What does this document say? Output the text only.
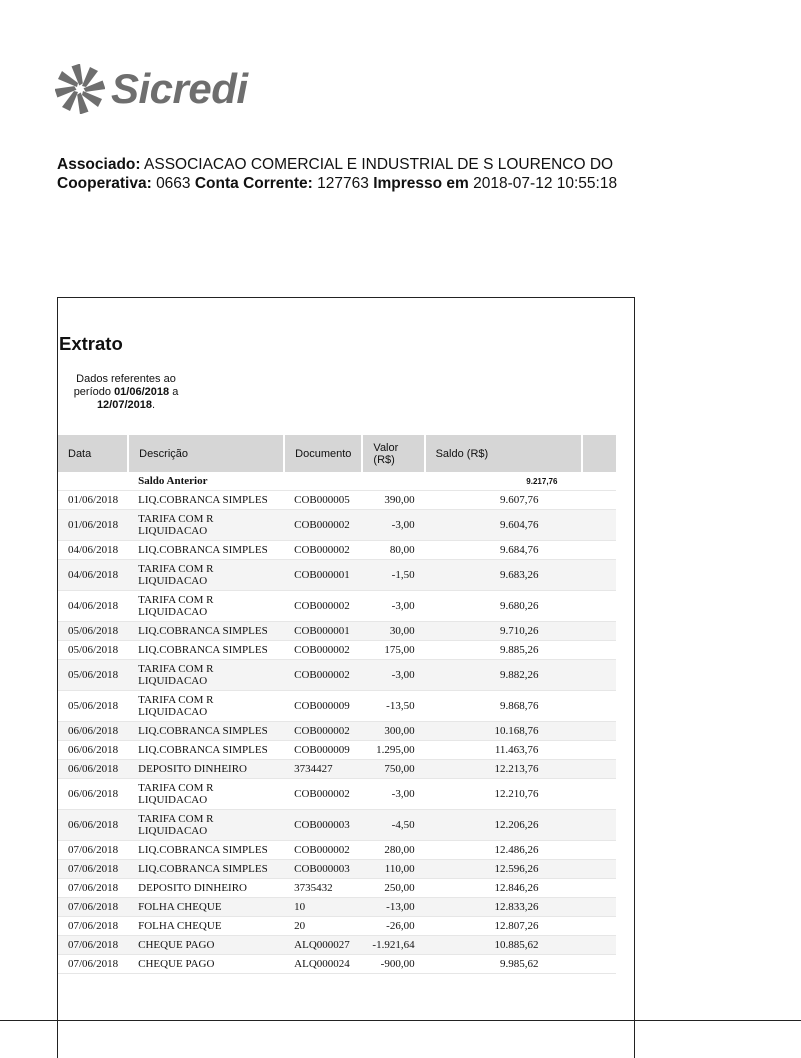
Sicredi
Associado: ASSOCIACAO COMERCIAL E INDUSTRIAL DE S LOURENCO DO
Cooperativa: 0663 Conta Corrente: 127763 Impresso em 2018-07-12 10:55:18
Extrato
Dados referentes ao período 01/06/2018 a 12/07/2018.
Data	Descrição	Documento	Valor (R$)	Saldo (R$)	
	Saldo Anterior			9.217,76	
01/06/2018	LIQ.COBRANCA SIMPLES	COB000005	390,00	9.607,76	
01/06/2018	TARIFA COM R LIQUIDACAO	COB000002	-3,00	9.604,76	
04/06/2018	LIQ.COBRANCA SIMPLES	COB000002	80,00	9.684,76	
04/06/2018	TARIFA COM R LIQUIDACAO	COB000001	-1,50	9.683,26	
04/06/2018	TARIFA COM R LIQUIDACAO	COB000002	-3,00	9.680,26	
05/06/2018	LIQ.COBRANCA SIMPLES	COB000001	30,00	9.710,26	
05/06/2018	LIQ.COBRANCA SIMPLES	COB000002	175,00	9.885,26	
05/06/2018	TARIFA COM R LIQUIDACAO	COB000002	-3,00	9.882,26	
05/06/2018	TARIFA COM R LIQUIDACAO	COB000009	-13,50	9.868,76	
06/06/2018	LIQ.COBRANCA SIMPLES	COB000002	300,00	10.168,76	
06/06/2018	LIQ.COBRANCA SIMPLES	COB000009	1.295,00	11.463,76	
06/06/2018	DEPOSITO DINHEIRO	3734427	750,00	12.213,76	
06/06/2018	TARIFA COM R LIQUIDACAO	COB000002	-3,00	12.210,76	
06/06/2018	TARIFA COM R LIQUIDACAO	COB000003	-4,50	12.206,26	
07/06/2018	LIQ.COBRANCA SIMPLES	COB000002	280,00	12.486,26	
07/06/2018	LIQ.COBRANCA SIMPLES	COB000003	110,00	12.596,26	
07/06/2018	DEPOSITO DINHEIRO	3735432	250,00	12.846,26	
07/06/2018	FOLHA CHEQUE	10	-13,00	12.833,26	
07/06/2018	FOLHA CHEQUE	20	-26,00	12.807,26	
07/06/2018	CHEQUE PAGO	ALQ000027	-1.921,64	10.885,62	
07/06/2018	CHEQUE PAGO	ALQ000024	-900,00	9.985,62	
